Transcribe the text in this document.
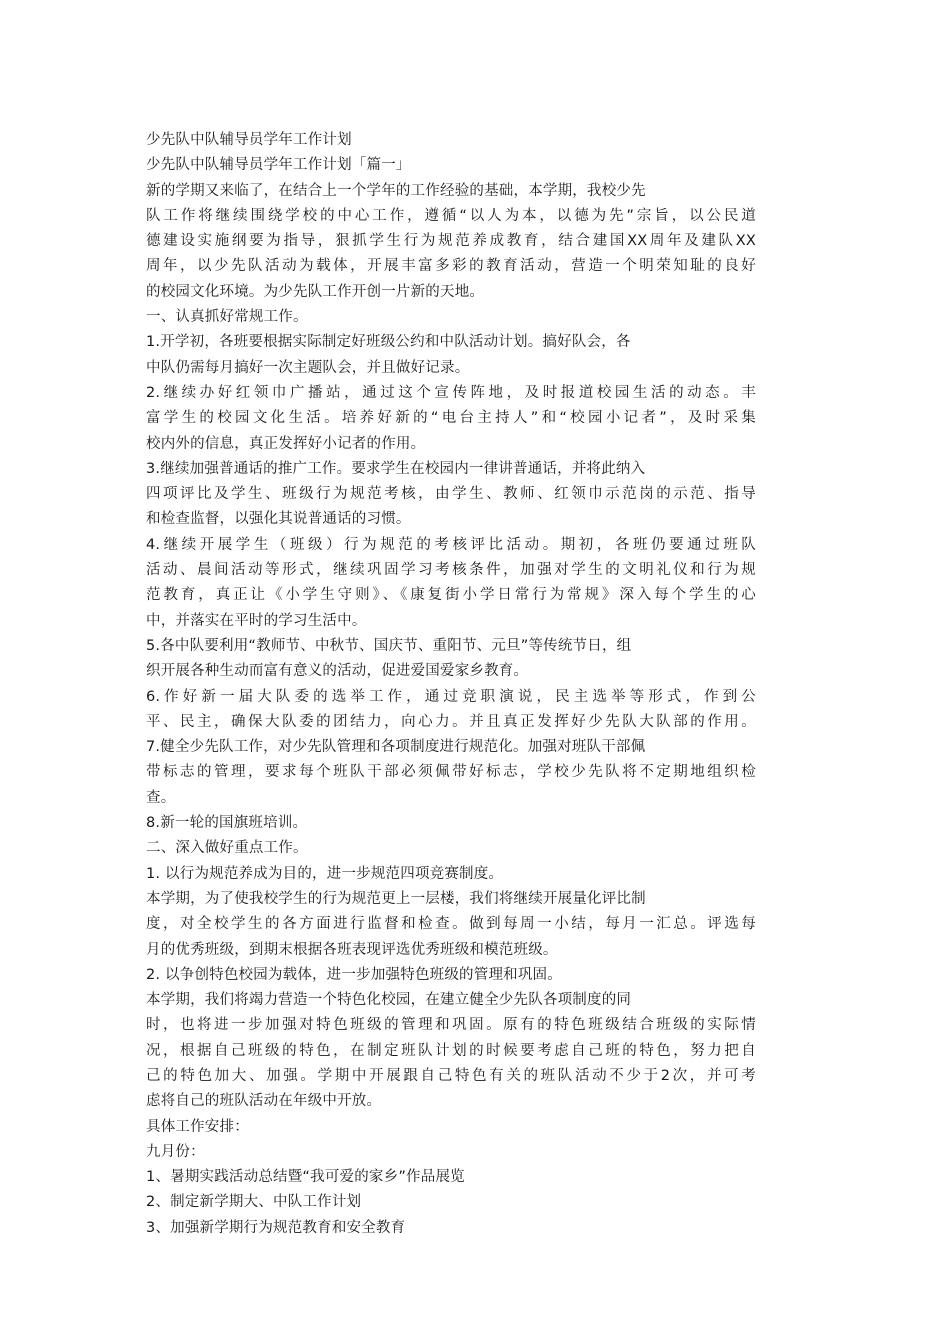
少先队中队辅导员学年工作计划
少先队中队辅导员学年工作计划「篇一」
新的学期又来临了，在结合上一个学年的工作经验的基础，本学期，我校少先
队工作将继续围绕学校的中心工作，遵循“以人为本，以德为先”宗旨，以公民道
德建设实施纲要为指导，狠抓学生行为规范养成教育，结合建国XX周年及建队XX
周年，以少先队活动为载体，开展丰富多彩的教育活动，营造一个明荣知耻的良好
的校园文化环境。为少先队工作开创一片新的天地。
一、认真抓好常规工作。
1.开学初，各班要根据实际制定好班级公约和中队活动计划。搞好队会，各
中队仍需每月搞好一次主题队会，并且做好记录。
2.继续办好红领巾广播站，通过这个宣传阵地，及时报道校园生活的动态。丰
富学生的校园文化生活。培养好新的“电台主持人”和“校园小记者”，及时采集
校内外的信息，真正发挥好小记者的作用。
3.继续加强普通话的推广工作。要求学生在校园内一律讲普通话，并将此纳入
四项评比及学生、班级行为规范考核，由学生、教师、红领巾示范岗的示范、指导
和检查监督，以强化其说普通话的习惯。
4.继续开展学生（班级）行为规范的考核评比活动。期初，各班仍要通过班队
活动、晨间活动等形式，继续巩固学习考核条件，加强对学生的文明礼仪和行为规
范教育，真正让《小学生守则》、《康复街小学日常行为常规》深入每个学生的心
中，并落实在平时的学习生活中。
5.各中队要利用“教师节、中秋节、国庆节、重阳节、元旦”等传统节日，组
织开展各种生动而富有意义的活动，促进爱国爱家乡教育。
6.作好新一届大队委的选举工作，通过竞职演说，民主选举等形式，作到公
平、民主，确保大队委的团结力，向心力。并且真正发挥好少先队大队部的作用。
7.健全少先队工作，对少先队管理和各项制度进行规范化。加强对班队干部佩
带标志的管理，要求每个班队干部必须佩带好标志，学校少先队将不定期地组织检
查。
8.新一轮的国旗班培训。
二、深入做好重点工作。
1. 以行为规范养成为目的，进一步规范四项竞赛制度。
本学期，为了使我校学生的行为规范更上一层楼，我们将继续开展量化评比制
度，对全校学生的各方面进行监督和检查。做到每周一小结，每月一汇总。评选每
月的优秀班级，到期末根据各班表现评选优秀班级和模范班级。
2. 以争创特色校园为载体，进一步加强特色班级的管理和巩固。
本学期，我们将竭力营造一个特色化校园，在建立健全少先队各项制度的同
时，也将进一步加强对特色班级的管理和巩固。原有的特色班级结合班级的实际情
况，根据自己班级的特色，在制定班队计划的时候要考虑自己班的特色，努力把自
己的特色加大、加强。学期中开展跟自己特色有关的班队活动不少于2次，并可考
虑将自己的班队活动在年级中开放。
具体工作安排：
九月份：
1、暑期实践活动总结暨“我可爱的家乡”作品展览
2、制定新学期大、中队工作计划
3、加强新学期行为规范教育和安全教育
